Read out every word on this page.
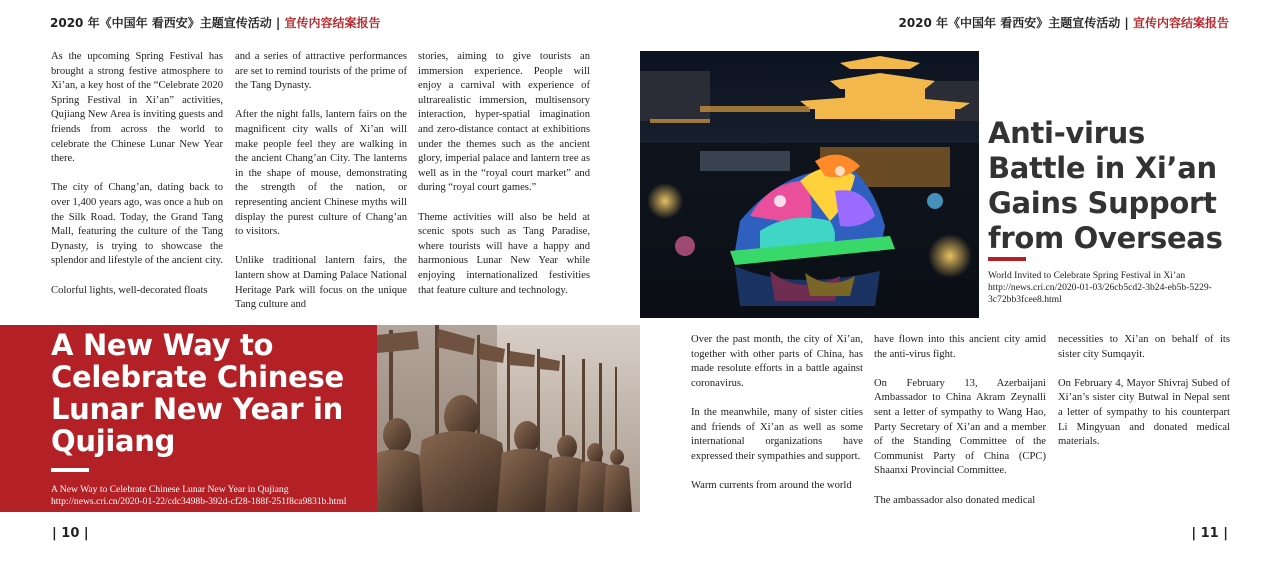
2020 年《中国年 看西安》主题宣传活动 | 宣传内容结案报告	2020 年《中国年 看西安》主题宣传活动 | 宣传内容结案报告

As the upcoming Spring Festival has brought a strong festive atmosphere to Xi’an, a key host of the “Celebrate 2020 Spring Festival in Xi’an” activities, Qujiang New Area is inviting guests and friends from across the world to celebrate the Chinese Lunar New Year there.

The city of Chang’an, dating back to over 1,400 years ago, was once a hub on the Silk Road. Today, the Grand Tang Mall, featuring the culture of the Tang Dynasty, is trying to showcase the splendor and lifestyle of the ancient city.

Colorful lights, well-decorated floats

and a series of attractive performances are set to remind tourists of the prime of the Tang Dynasty.

After the night falls, lantern fairs on the magnificent city walls of Xi’an will make people feel they are walking in the ancient Chang’an City. The lanterns in the shape of mouse, demonstrating the strength of the nation, or representing ancient Chinese myths will display the purest culture of Chang’an to visitors.

Unlike traditional lantern fairs, the lantern show at Daming Palace National Heritage Park will focus on the unique Tang culture and

stories, aiming to give tourists an immersion experience. People will enjoy a carnival with experience of ultrarealistic immersion, multisensory interaction, hyper-spatial imagination and zero-distance contact at exhibitions under the themes such as the ancient glory, imperial palace and lantern tree as well as in the “royal court market” and during “royal court games.”

Theme activities will also be held at scenic spots such as Tang Paradise, where tourists will have a happy and harmonious Lunar New Year while enjoying internationalized festivities that feature culture and technology.

A New Way to Celebrate Chinese Lunar New Year in Qujiang
A New Way to Celebrate Chinese Lunar New Year in Qujiang
http://news.cri.cn/2020-01-22/cdc3498b-392d-cf28-188f-251f8ca9831b.html
Anti-virus Battle in Xi’an Gains Support from Overseas
World Invited to Celebrate Spring Festival in Xi’an
http://news.cri.cn/2020-01-03/26cb5cd2-3b24-eb5b-5229-3c72bb3fcee8.html

Over the past month, the city of Xi’an, together with other parts of China, has made resolute efforts in a battle against coronavirus.

In the meanwhile, many of sister cities and friends of Xi’an as well as some international organizations have expressed their sympathies and support.

Warm currents from around the world

have flown into this ancient city amid the anti-virus fight.

On February 13, Azerbaijani Ambassador to China Akram Zeynalli sent a letter of sympathy to Wang Hao, Party Secretary of Xi’an and a member of the Standing Committee of the Communist Party of China (CPC) Shaanxi Provincial Committee.

The ambassador also donated medical

necessities to Xi’an on behalf of its sister city Sumqayit.

On February 4, Mayor Shivraj Subed of Xi’an’s sister city Butwal in Nepal sent a letter of sympathy to his counterpart Li Mingyuan and donated medical materials.

| 10 |	| 11 |
